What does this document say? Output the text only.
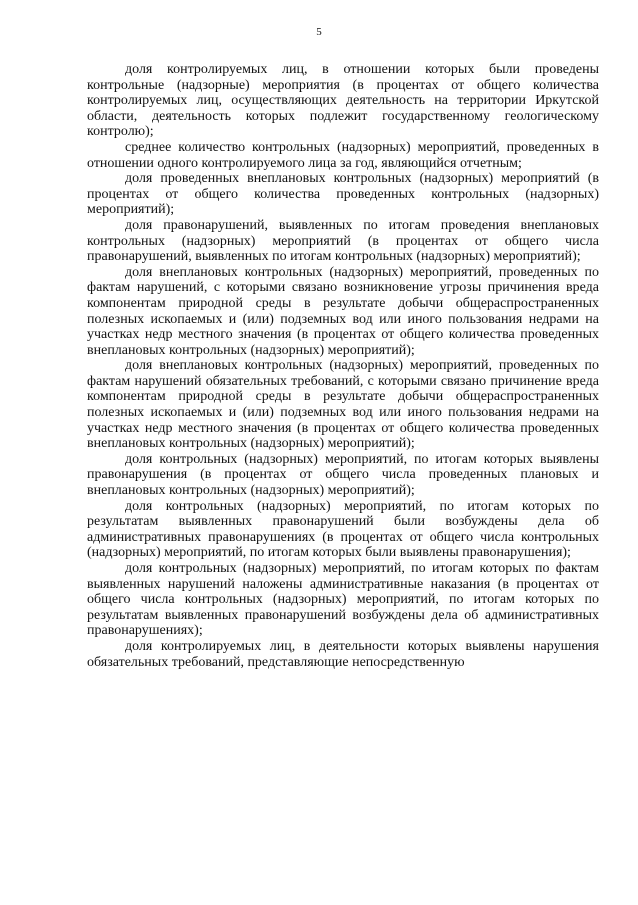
5

доля контролируемых лиц, в отношении которых были проведены контрольные (надзорные) мероприятия (в процентах от общего количества контролируемых лиц, осуществляющих деятельность на территории Иркутской области, деятельность которых подлежит государственному геологическому контролю);

среднее количество контрольных (надзорных) мероприятий, проведенных в отношении одного контролируемого лица за год, являющийся отчетным;

доля проведенных внеплановых контрольных (надзорных) мероприятий (в процентах от общего количества проведенных контрольных (надзорных) мероприятий);

доля правонарушений, выявленных по итогам проведения внеплановых контрольных (надзорных) мероприятий (в процентах от общего числа правонарушений, выявленных по итогам контрольных (надзорных) мероприятий);

доля внеплановых контрольных (надзорных) мероприятий, проведенных по фактам нарушений, с которыми связано возникновение угрозы причинения вреда компонентам природной среды в результате добычи общераспространенных полезных ископаемых и (или) подземных вод или иного пользования недрами на участках недр местного значения (в процентах от общего количества проведенных внеплановых контрольных (надзорных) мероприятий);

доля внеплановых контрольных (надзорных) мероприятий, проведенных по фактам нарушений обязательных требований, с которыми связано причинение вреда компонентам природной среды в результате добычи общераспространенных полезных ископаемых и (или) подземных вод или иного пользования недрами на участках недр местного значения (в процентах от общего количества проведенных внеплановых контрольных (надзорных) мероприятий);

доля контрольных (надзорных) мероприятий, по итогам которых выявлены правонарушения (в процентах от общего числа проведенных плановых и внеплановых контрольных (надзорных) мероприятий);

доля контрольных (надзорных) мероприятий, по итогам которых по результатам выявленных правонарушений были возбуждены дела об административных правонарушениях (в процентах от общего числа контрольных (надзорных) мероприятий, по итогам которых были выявлены правонарушения);

доля контрольных (надзорных) мероприятий, по итогам которых по фактам выявленных нарушений наложены административные наказания (в процентах от общего числа контрольных (надзорных) мероприятий, по итогам которых по результатам выявленных правонарушений возбуждены дела об административных правонарушениях);

доля контролируемых лиц, в деятельности которых выявлены нарушения обязательных требований, представляющие непосредственную
